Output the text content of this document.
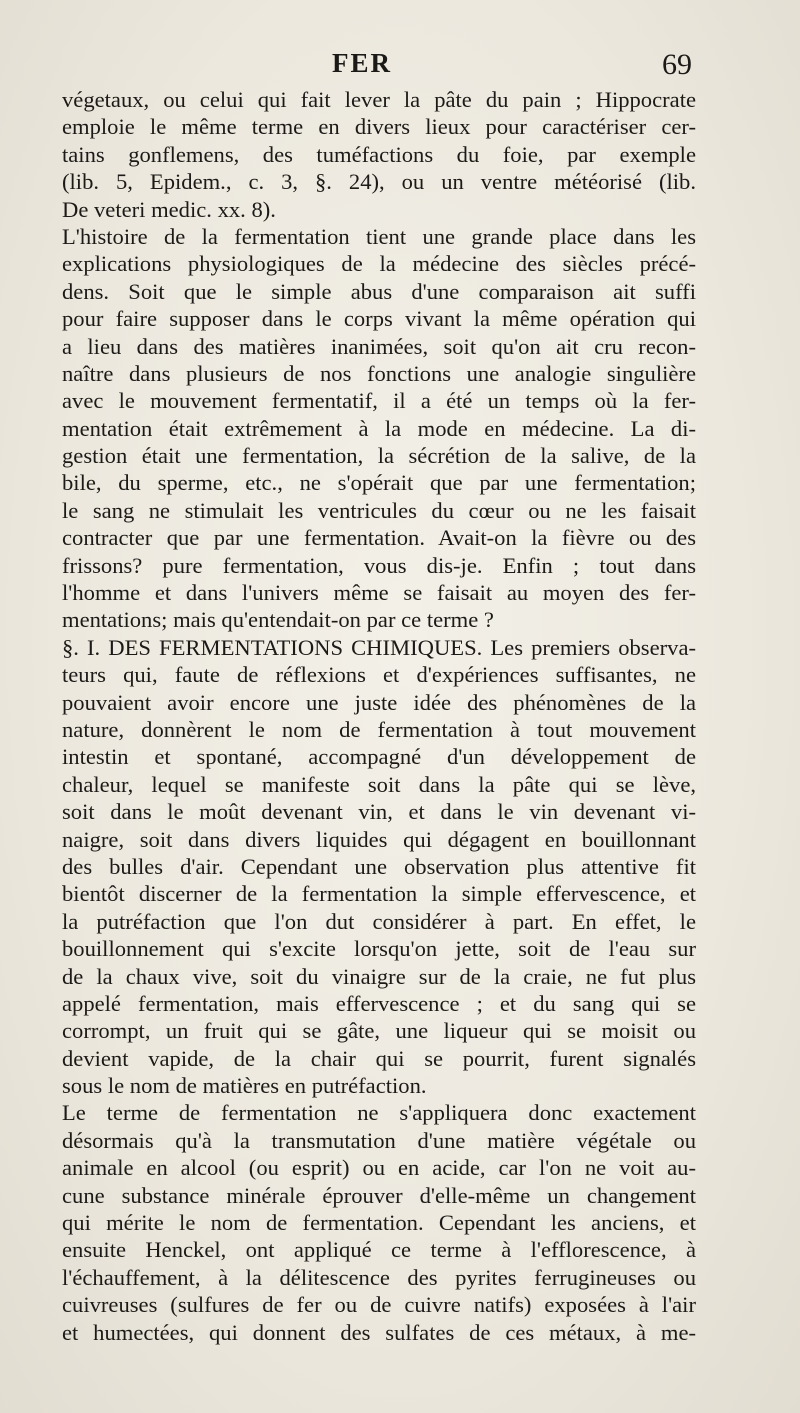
FER	69
végetaux, ou celui qui fait lever la pâte du pain ; Hippocrate
emploie le même terme en divers lieux pour caractériser cer-
tains gonflemens, des tuméfactions du foie, par exemple
(lib. 5, Epidem., c. 3, §. 24), ou un ventre météorisé (lib.
De veteri medic. xx. 8).
L'histoire de la fermentation tient une grande place dans les
explications physiologiques de la médecine des siècles précé-
dens. Soit que le simple abus d'une comparaison ait suffi
pour faire supposer dans le corps vivant la même opération qui
a lieu dans des matières inanimées, soit qu'on ait cru recon-
naître dans plusieurs de nos fonctions une analogie singulière
avec le mouvement fermentatif, il a été un temps où la fer-
mentation était extrêmement à la mode en médecine. La di-
gestion était une fermentation, la sécrétion de la salive, de la
bile, du sperme, etc., ne s'opérait que par une fermentation;
le sang ne stimulait les ventricules du cœur ou ne les faisait
contracter que par une fermentation. Avait-on la fièvre ou des
frissons? pure fermentation, vous dis-je. Enfin ; tout dans
l'homme et dans l'univers même se faisait au moyen des fer-
mentations; mais qu'entendait-on par ce terme ?
§. I. DES FERMENTATIONS CHIMIQUES. Les premiers observa-
teurs qui, faute de réflexions et d'expériences suffisantes, ne
pouvaient avoir encore une juste idée des phénomènes de la
nature, donnèrent le nom de fermentation à tout mouvement
intestin et spontané, accompagné d'un développement de
chaleur, lequel se manifeste soit dans la pâte qui se lève,
soit dans le moût devenant vin, et dans le vin devenant vi-
naigre, soit dans divers liquides qui dégagent en bouillonnant
des bulles d'air. Cependant une observation plus attentive fit
bientôt discerner de la fermentation la simple effervescence, et
la putréfaction que l'on dut considérer à part. En effet, le
bouillonnement qui s'excite lorsqu'on jette, soit de l'eau sur
de la chaux vive, soit du vinaigre sur de la craie, ne fut plus
appelé fermentation, mais effervescence ; et du sang qui se
corrompt, un fruit qui se gâte, une liqueur qui se moisit ou
devient vapide, de la chair qui se pourrit, furent signalés
sous le nom de matières en putréfaction.
Le terme de fermentation ne s'appliquera donc exactement
désormais qu'à la transmutation d'une matière végétale ou
animale en alcool (ou esprit) ou en acide, car l'on ne voit au-
cune substance minérale éprouver d'elle-même un changement
qui mérite le nom de fermentation. Cependant les anciens, et
ensuite Henckel, ont appliqué ce terme à l'efflorescence, à
l'échauffement, à la délitescence des pyrites ferrugineuses ou
cuivreuses (sulfures de fer ou de cuivre natifs) exposées à l'air
et humectées, qui donnent des sulfates de ces métaux, à me-
